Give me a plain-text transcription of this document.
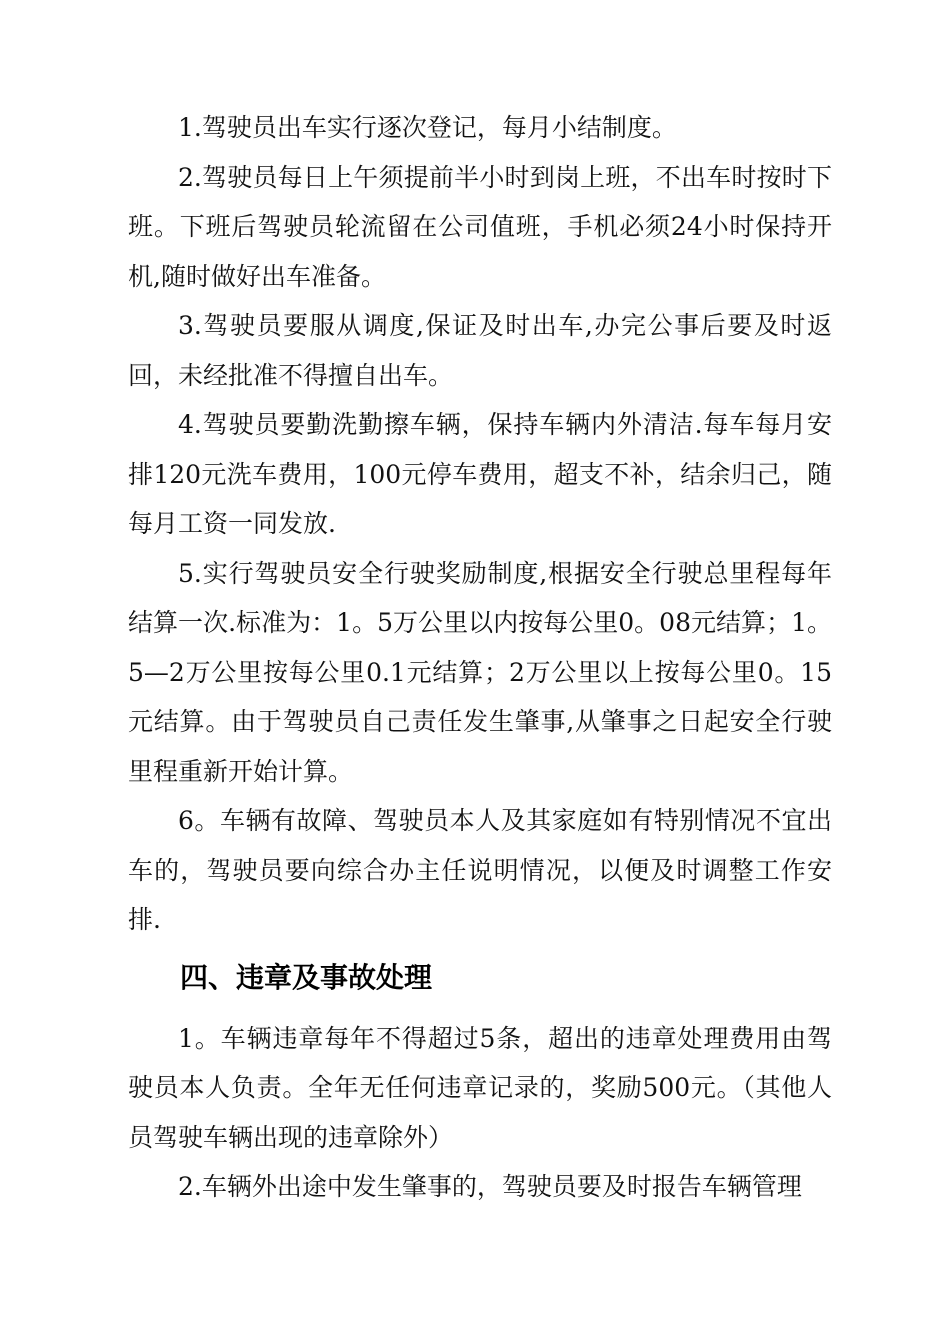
1.驾驶员出车实行逐次登记，每月小结制度。

2.驾驶员每日上午须提前半小时到岗上班，不出车时按时下班。下班后驾驶员轮流留在公司值班，手机必须24小时保持开机,随时做好出车准备。

3.驾驶员要服从调度,保证及时出车,办完公事后要及时返回，未经批准不得擅自出车。

4.驾驶员要勤洗勤擦车辆，保持车辆内外清洁.每车每月安排120元洗车费用，100元停车费用，超支不补，结余归己，随每月工资一同发放.

5.实行驾驶员安全行驶奖励制度,根据安全行驶总里程每年结算一次.标准为：1。5万公里以内按每公里0。08元结算；1。5—2万公里按每公里0.1元结算；2万公里以上按每公里0。15元结算。由于驾驶员自己责任发生肇事,从肇事之日起安全行驶里程重新开始计算。

6。车辆有故障、驾驶员本人及其家庭如有特别情况不宜出车的，驾驶员要向综合办主任说明情况，以便及时调整工作安排.

四、违章及事故处理

1。车辆违章每年不得超过5条，超出的违章处理费用由驾驶员本人负责。全年无任何违章记录的，奖励500元。（其他人员驾驶车辆出现的违章除外）

2.车辆外出途中发生肇事的，驾驶员要及时报告车辆管理
